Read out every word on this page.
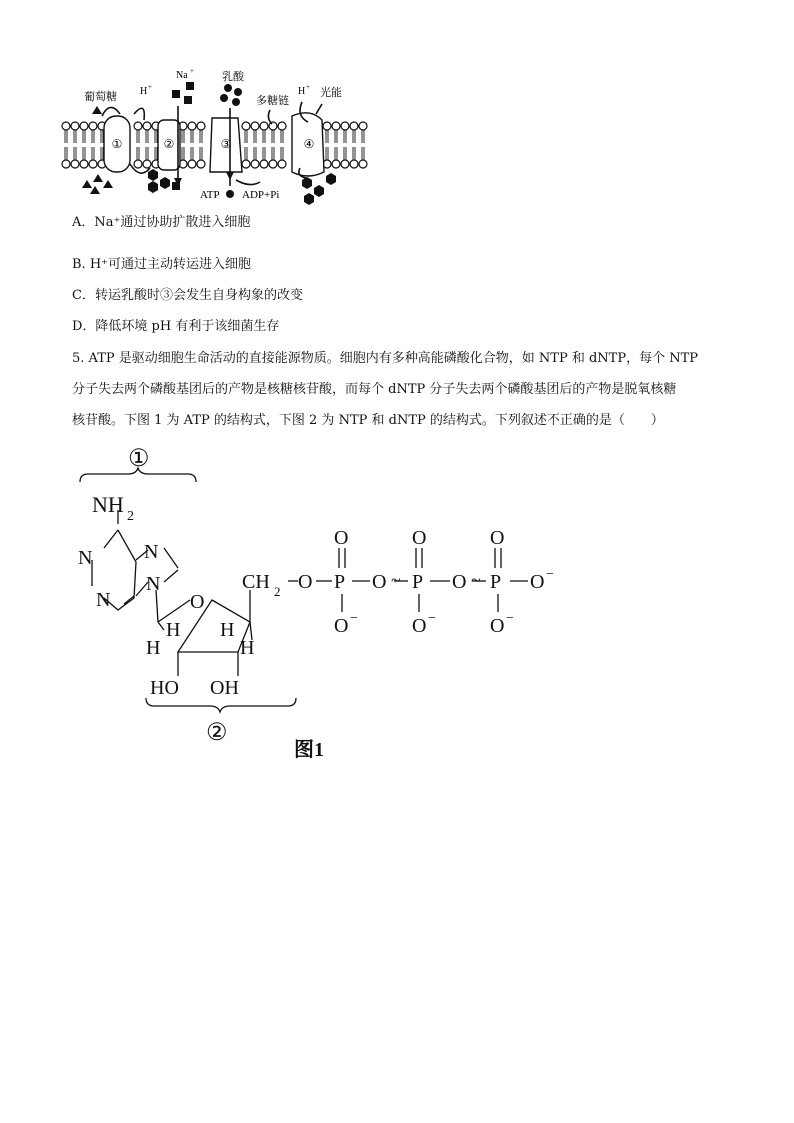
①	②	③	④
葡萄糖 H +
Na +	乳酸
多糖链
H + 光能
ATP ADP+Pi
A．Na⁺通过协助扩散进入细胞
B. H⁺可通过主动转运进入细胞
C．转运乳酸时③会发生自身构象的改变
D．降低环境 pH 有利于该细菌生存

5. ATP 是驱动细胞生命活动的直接能源物质。细胞内有多种高能磷酸化合物，如 NTP 和 dNTP，每个 NTP

分子失去两个磷酸基团后的产物是核糖核苷酸，而每个 dNTP 分子失去两个磷酸基团后的产物是脱氧核糖

核苷酸。下图 1 为 ATP 的结构式，下图 2 为 NTP 和 dNTP 的结构式。下列叙述不正确的是（　　）

①
②
NH 2
N
N
N
N
O
CH 2 O P O ~ P O ~ P O −
O	O	O
O −	O −	O −
H
H
H
H
HO OH
图1
